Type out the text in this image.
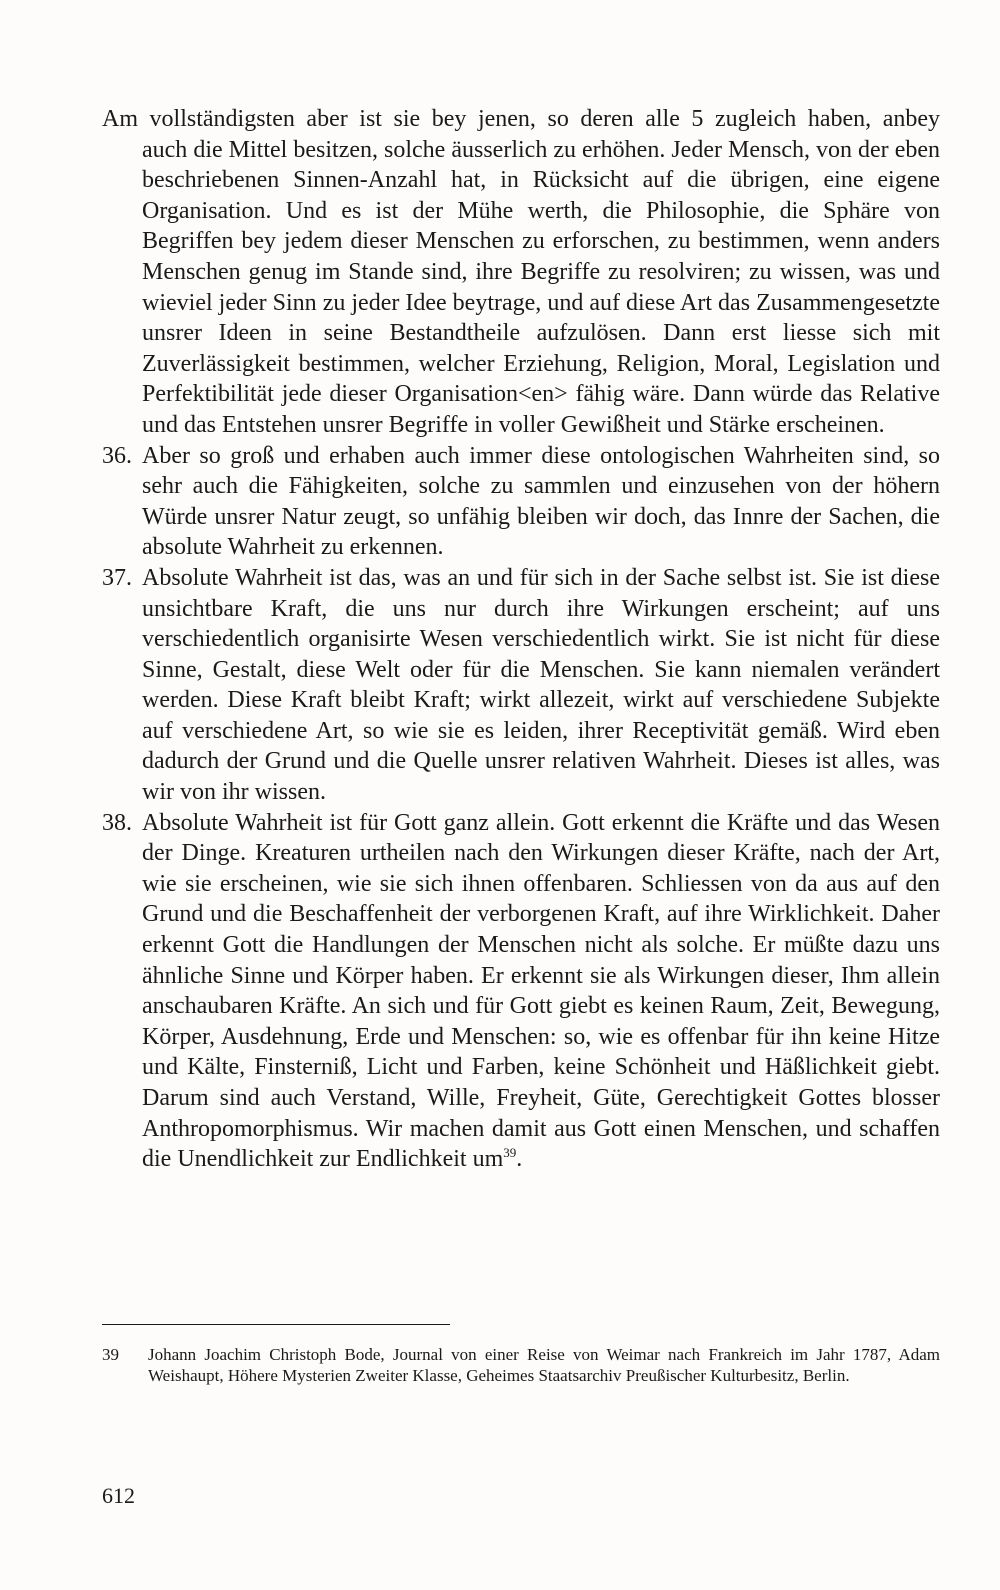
Am vollständigsten aber ist sie bey jenen, so deren alle 5 zugleich haben, anbey

auch die Mittel besitzen, solche äusserlich zu erhöhen. Jeder Mensch, von der eben beschriebenen Sinnen-Anzahl hat, in Rücksicht auf die übrigen, eine eigene Organisation. Und es ist der Mühe werth, die Philosophie, die Sphäre von Begriffen bey jedem dieser Menschen zu erforschen, zu bestimmen, wenn anders Menschen genug im Stande sind, ihre Begriffe zu resolviren; zu wissen, was und wieviel jeder Sinn zu jeder Idee beytrage, und auf diese Art das Zusammengesetzte unsrer Ideen in seine Bestandtheile aufzulösen. Dann erst liesse sich mit Zuverlässigkeit bestimmen, welcher Erziehung, Religion, Moral, Legislation und Perfektibilität jede dieser Organisation<en> fähig wäre. Dann würde das Relative und das Entstehen unsrer Begriffe in voller Gewißheit und Stärke erscheinen.

36. Aber so groß und erhaben auch immer diese ontologischen Wahrheiten sind, so sehr auch die Fähigkeiten, solche zu sammlen und einzusehen von der höhern Würde unsrer Natur zeugt, so unfähig bleiben wir doch, das Innre der Sachen, die absolute Wahrheit zu erkennen.
37. Absolute Wahrheit ist das, was an und für sich in der Sache selbst ist. Sie ist diese unsichtbare Kraft, die uns nur durch ihre Wirkungen erscheint; auf uns verschiedentlich organisirte Wesen verschiedentlich wirkt. Sie ist nicht für diese Sinne, Gestalt, diese Welt oder für die Menschen. Sie kann niemalen verändert werden. Diese Kraft bleibt Kraft; wirkt allezeit, wirkt auf verschiedene Subjekte auf verschiedene Art, so wie sie es leiden, ihrer Receptivität gemäß. Wird eben dadurch der Grund und die Quelle unsrer relativen Wahrheit. Dieses ist alles, was wir von ihr wissen.
38. Absolute Wahrheit ist für Gott ganz allein. Gott erkennt die Kräfte und das Wesen der Dinge. Kreaturen urtheilen nach den Wirkungen dieser Kräfte, nach der Art, wie sie erscheinen, wie sie sich ihnen offenbaren. Schliessen von da aus auf den Grund und die Beschaffenheit der verborgenen Kraft, auf ihre Wirklichkeit. Daher erkennt Gott die Handlungen der Menschen nicht als solche. Er müßte dazu uns ähnliche Sinne und Körper haben. Er erkennt sie als Wirkungen dieser, Ihm allein anschaubaren Kräfte. An sich und für Gott giebt es keinen Raum, Zeit, Bewegung, Körper, Ausdehnung, Erde und Menschen: so, wie es offenbar für ihn keine Hitze und Kälte, Finsterniß, Licht und Farben, keine Schönheit und Häßlichkeit giebt. Darum sind auch Verstand, Wille, Freyheit, Güte, Gerechtigkeit Gottes blosser Anthropomorphismus. Wir machen damit aus Gott einen Menschen, und schaffen die Unendlichkeit zur Endlichkeit um$^{39}$.
39	Johann Joachim Christoph Bode, Journal von einer Reise von Weimar nach Frankreich im Jahr 1787, Adam Weishaupt, Höhere Mysterien Zweiter Klasse, Geheimes Staatsarchiv Preußischer Kulturbesitz, Berlin.
612
